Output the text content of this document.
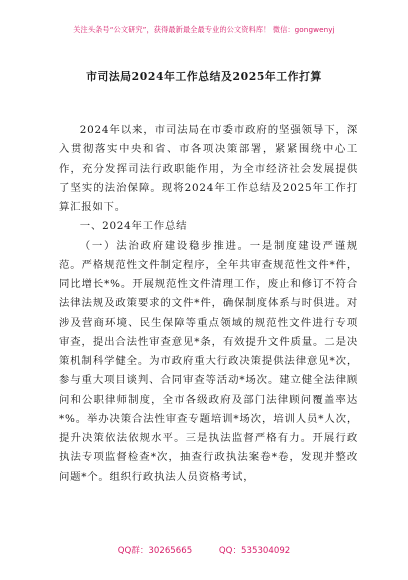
关注头条号“公文研究”，获得最新最全最专业的公文资料库！ 微信：gongwenyj
市司法局2024年工作总结及2025年工作打算

2024年以来，市司法局在市委市政府的坚强领导下，深入贯彻落实中央和省、市各项决策部署，紧紧围绕中心工作，充分发挥司法行政职能作用，为全市经济社会发展提供了坚实的法治保障。现将2024年工作总结及2025年工作打算汇报如下。

一、2024年工作总结

（一）法治政府建设稳步推进。一是制度建设严谨规范。严格规范性文件制定程序，全年共审查规范性文件*件，同比增长*%。开展规范性文件清理工作，废止和修订不符合法律法规及政策要求的文件*件，确保制度体系与时俱进。对涉及营商环境、民生保障等重点领域的规范性文件进行专项审查，提出合法性审查意见*条，有效提升文件质量。二是决策机制科学健全。为市政府重大行政决策提供法律意见*次，参与重大项目谈判、合同审查等活动*场次。建立健全法律顾问和公职律师制度，全市各级政府及部门法律顾问覆盖率达*%。举办决策合法性审查专题培训*场次，培训人员*人次，提升决策依法依规水平。三是执法监督严格有力。开展行政执法专项监督检查*次，抽查行政执法案卷*卷，发现并整改问题*个。组织行政执法人员资格考试，

QQ群：30265665	QQ：535304092
